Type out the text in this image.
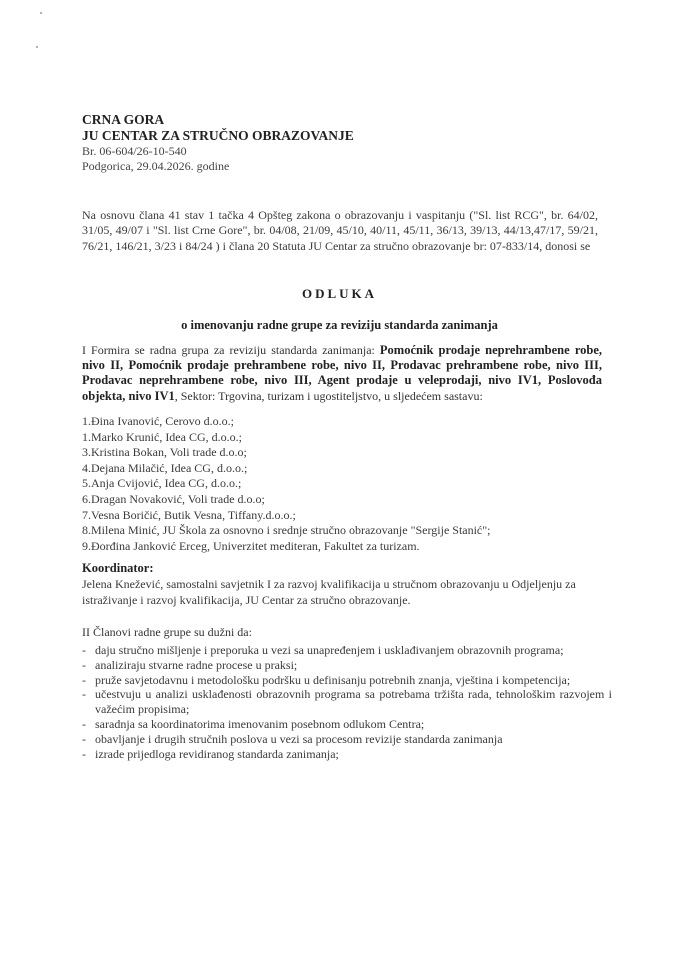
CRNA GORA
JU CENTAR ZA STRUČNO OBRAZOVANJE
Br. 06-604/26-10-540
Podgorica, 29.04.2026. godine
Na osnovu člana 41 stav 1 tačka 4 Opšteg zakona o obrazovanju i vaspitanju ("Sl. list RCG", br. 64/02, 31/05, 49/07 i "Sl. list Crne Gore", br. 04/08, 21/09, 45/10, 40/11, 45/11, 36/13, 39/13, 44/13,47/17, 59/21, 76/21, 146/21, 3/23 i 84/24 ) i člana 20 Statuta JU Centar za stručno obrazovanje br: 07-833/14, donosi se
ODLUKA
o imenovanju radne grupe za reviziju standarda zanimanja
I Formira se radna grupa za reviziju standarda zanimanja: Pomoćnik prodaje neprehrambene robe, nivo II, Pomoćnik prodaje prehrambene robe, nivo II, Prodavac prehrambene robe, nivo III, Prodavac neprehrambene robe, nivo III, Agent prodaje u veleprodaji, nivo IV1, Poslovođa objekta, nivo IV1, Sektor: Trgovina, turizam i ugostiteljstvo, u sljedećem sastavu:
1.Đina Ivanović, Cerovo d.o.o.;
1.Marko Krunić, Idea CG, d.o.o.;
3.Kristina Bokan, Voli trade d.o.o;
4.Dejana Milačić, Idea CG, d.o.o.;
5.Anja Cvijović, Idea CG, d.o.o.;
6.Dragan Novaković, Voli trade d.o.o;
7.Vesna Boričić, Butik Vesna, Tiffany.d.o.o.;
8.Milena Minić, JU Škola za osnovno i srednje stručno obrazovanje "Sergije Stanić";
9.Đorđina Janković Erceg, Univerzitet mediteran, Fakultet za turizam.
Koordinator:
Jelena Knežević, samostalni savjetnik I za razvoj kvalifikacija u stručnom obrazovanju u Odjeljenju za istraživanje i razvoj kvalifikacija, JU Centar za stručno obrazovanje.
II Članovi radne grupe su dužni da:
- daju stručno mišljenje i preporuka u vezi sa unapređenjem i usklađivanjem obrazovnih programa;
- analiziraju stvarne radne procese u praksi;
- pruže savjetodavnu i metodološku podršku u definisanju potrebnih znanja, vještina i kompetencija;
- učestvuju u analizi usklađenosti obrazovnih programa sa potrebama tržišta rada, tehnološkim razvojem i važećim propisima;
- saradnja sa koordinatorima imenovanim posebnom odlukom Centra;
- obavljanje i drugih stručnih poslova u vezi sa procesom revizije standarda zanimanja
- izrade prijedloga revidiranog standarda zanimanja;
